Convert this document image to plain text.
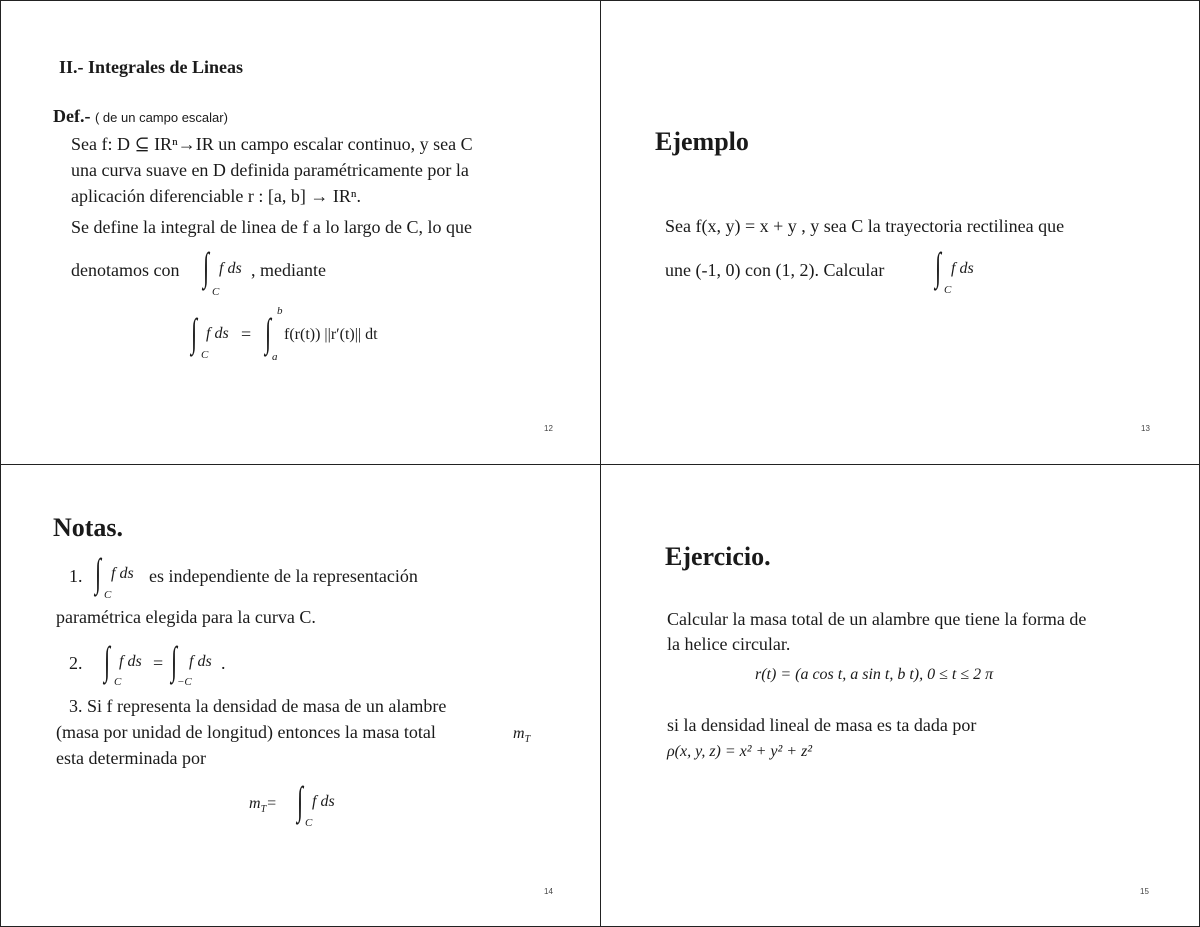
II.- Integrales de Lineas
Def.- ( de un campo escalar)
Sea f: D ⊆ IRⁿ→IR un campo escalar continuo, y sea C
una curva suave en D definida paramétricamente por la
aplicación diferenciable r : [a, b] → IRⁿ.
Se define la integral de linea de f a lo largo de C, lo que
denotamos con ∫ f ds
C
, mediante
∫ f ds
C
= ∫ b
a
f(r(t)) ||r′(t)|| dt
12
Ejemplo
Sea f(x, y) = x + y , y sea C la trayectoria rectilinea que
une (-1, 0) con (1, 2). Calcular ∫ f ds
C
13
Notas.
1. ∫ f ds
C
es independiente de la representación
paramétrica elegida para la curva C.
2. ∫ f ds
C
= ∫ f ds
−C
.
3. Si f representa la densidad de masa de un alambre
(masa por unidad de longitud) entonces la masa total	$m_T$
esta determinada por
$m_T=$ ∫ f ds
C
14
Ejercicio.
Calcular la masa total de un alambre que tiene la forma de
la helice circular.
r(t) = (a cos t, a sin t, b t), 0 ≤ t ≤ 2 π
si la densidad lineal de masa es ta dada por
ρ(x, y, z) = x² + y² + z²
15
